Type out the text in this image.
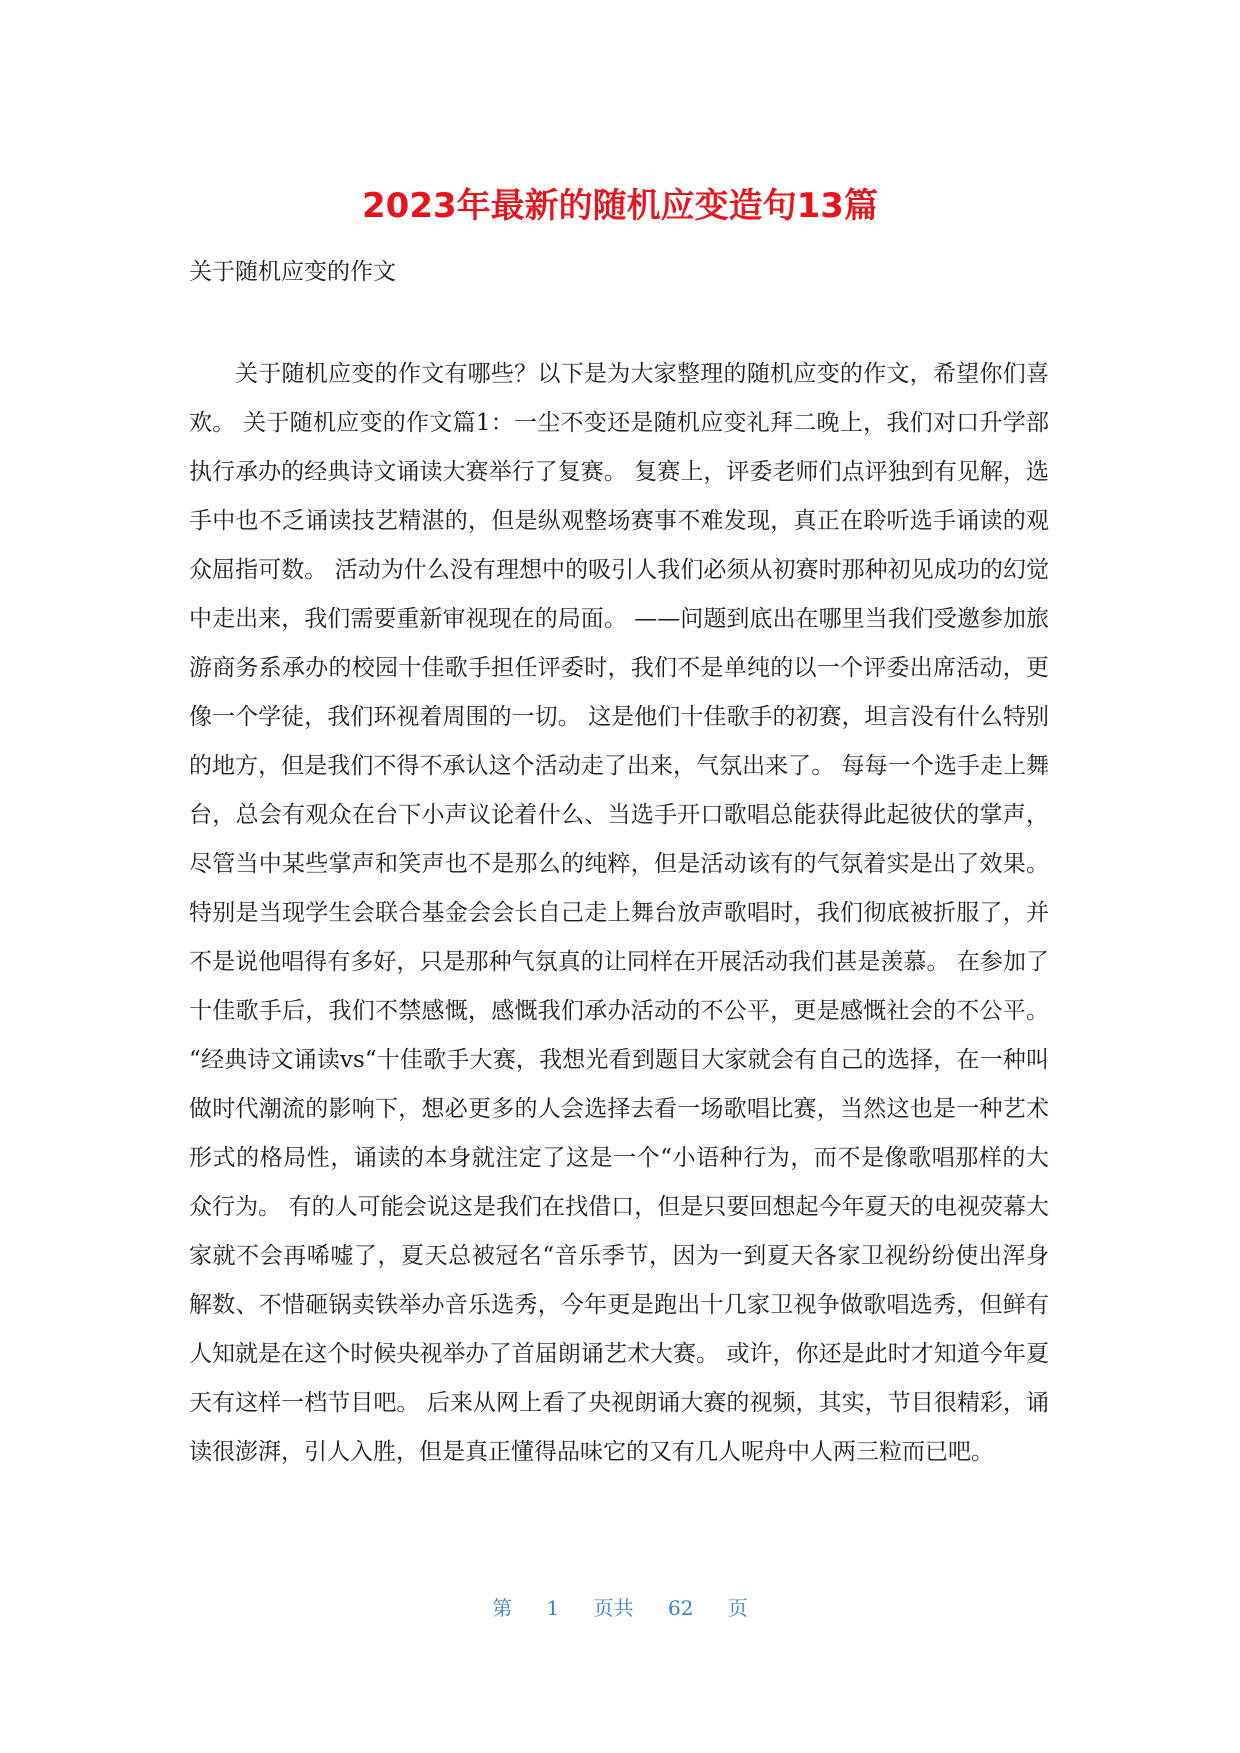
2023年最新的随机应变造句13篇
关于随机应变的作文

关于随机应变的作文有哪些？以下是为大家整理的随机应变的作文，希望你们喜欢。 关于随机应变的作文篇1：一尘不变还是随机应变礼拜二晚上，我们对口升学部执行承办的经典诗文诵读大赛举行了复赛。 复赛上，评委老师们点评独到有见解，选手中也不乏诵读技艺精湛的，但是纵观整场赛事不难发现，真正在聆听选手诵读的观众屈指可数。 活动为什么没有理想中的吸引人我们必须从初赛时那种初见成功的幻觉中走出来，我们需要重新审视现在的局面。 ——问题到底出在哪里当我们受邀参加旅游商务系承办的校园十佳歌手担任评委时，我们不是单纯的以一个评委出席活动，更像一个学徒，我们环视着周围的一切。 这是他们十佳歌手的初赛，坦言没有什么特别的地方，但是我们不得不承认这个活动走了出来，气氛出来了。 每每一个选手走上舞台，总会有观众在台下小声议论着什么、当选手开口歌唱总能获得此起彼伏的掌声，尽管当中某些掌声和笑声也不是那么的纯粹，但是活动该有的气氛着实是出了效果。 特别是当现学生会联合基金会会长自己走上舞台放声歌唱时，我们彻底被折服了，并不是说他唱得有多好，只是那种气氛真的让同样在开展活动我们甚是羡慕。 在参加了十佳歌手后，我们不禁感慨，感慨我们承办活动的不公平，更是感慨社会的不公平。 “经典诗文诵读vs“十佳歌手大赛，我想光看到题目大家就会有自己的选择，在一种叫做时代潮流的影响下，想必更多的人会选择去看一场歌唱比赛，当然这也是一种艺术形式的格局性，诵读的本身就注定了这是一个“小语种行为，而不是像歌唱那样的大众行为。 有的人可能会说这是我们在找借口，但是只要回想起今年夏天的电视荧幕大家就不会再唏嘘了，夏天总被冠名“音乐季节，因为一到夏天各家卫视纷纷使出浑身解数、不惜砸锅卖铁举办音乐选秀，今年更是跑出十几家卫视争做歌唱选秀，但鲜有人知就是在这个时候央视举办了首届朗诵艺术大赛。 或许，你还是此时才知道今年夏天有这样一档节目吧。 后来从网上看了央视朗诵大赛的视频，其实，节目很精彩，诵读很澎湃，引人入胜，但是真正懂得品味它的又有几人呢舟中人两三粒而已吧。

第 1 页共 62 页
